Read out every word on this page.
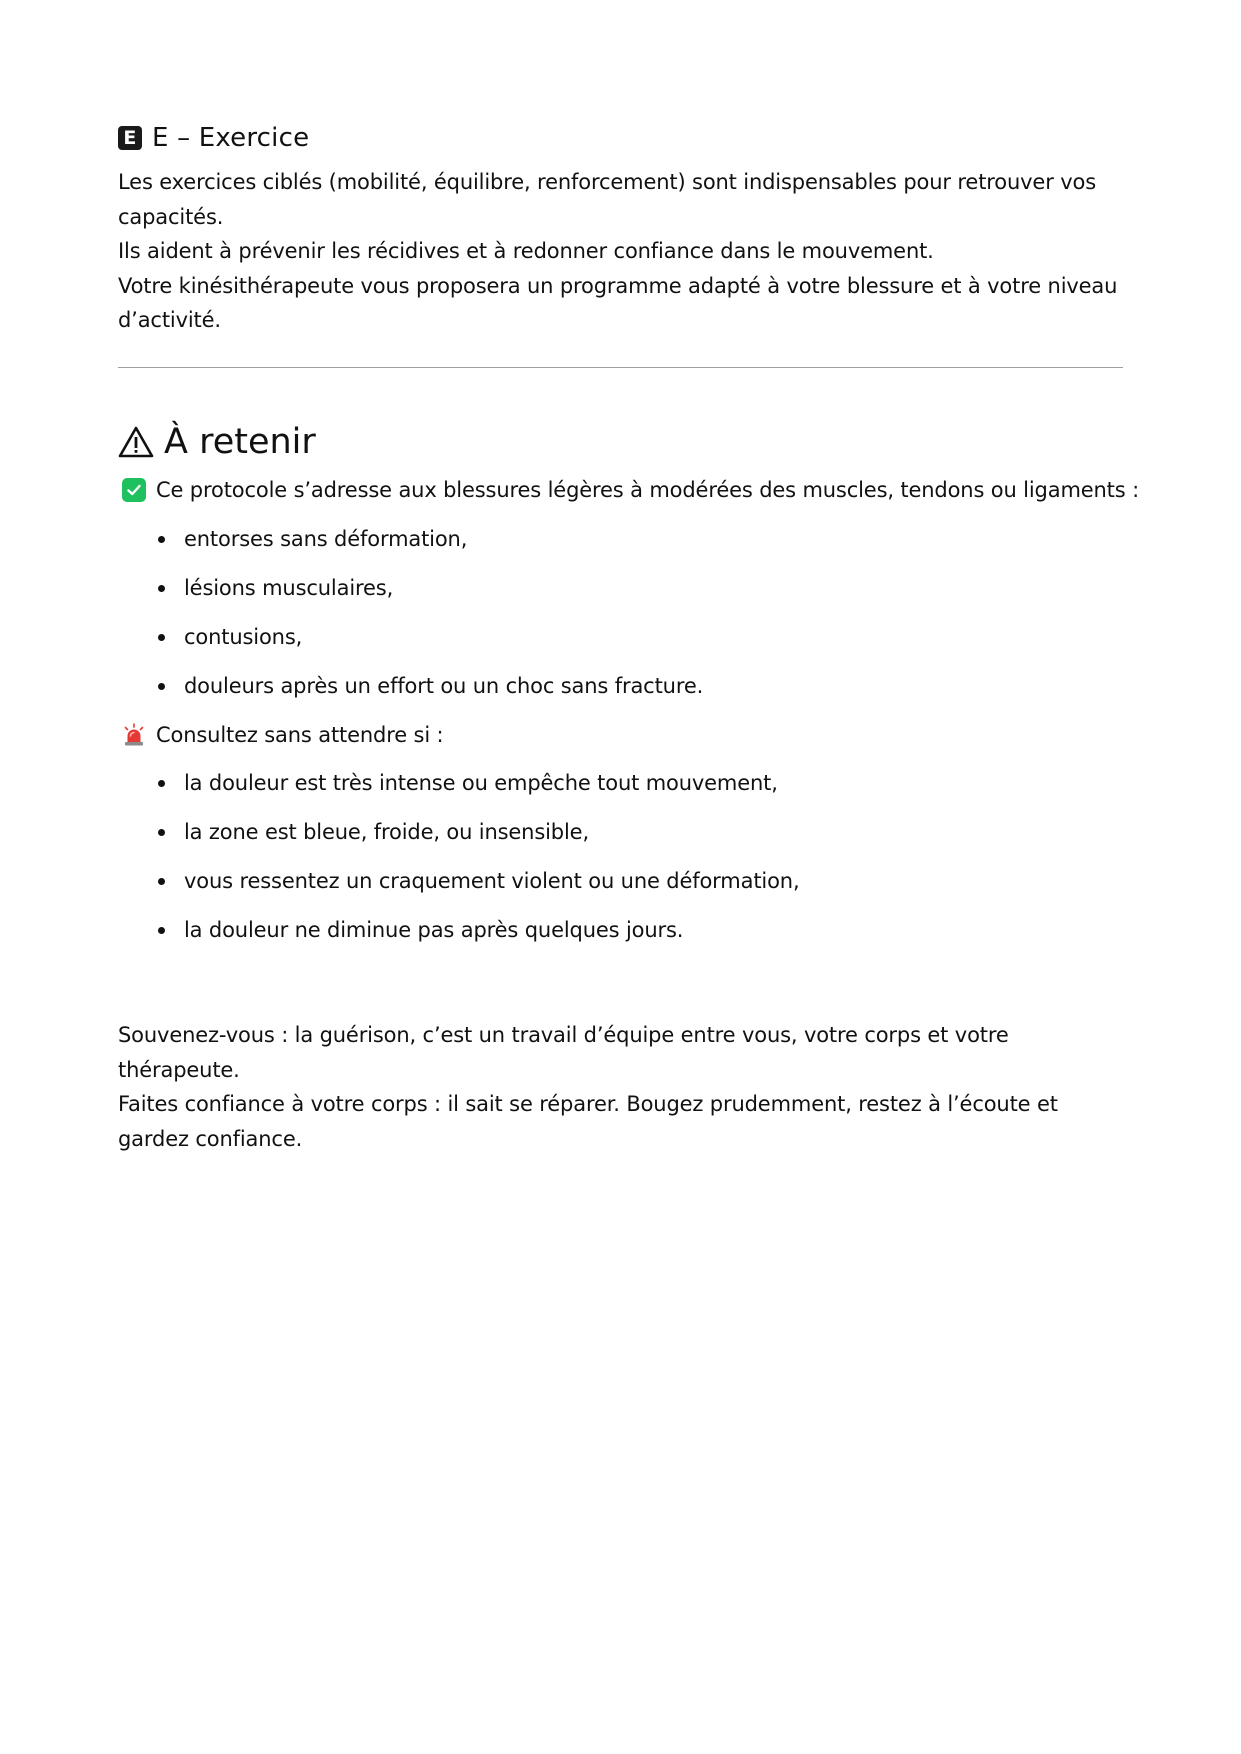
E E – Exercice

Les exercices ciblés (mobilité, équilibre, renforcement) sont indispensables pour retrouver vos capacités.

Ils aident à prévenir les récidives et à redonner confiance dans le mouvement.

Votre kinésithérapeute vous proposera un programme adapté à votre blessure et à votre niveau d’activité.

À retenir
Ce protocole s’adresse aux blessures légères à modérées des muscles, tendons ou ligaments :
entorses sans déformation,
lésions musculaires,
contusions,
douleurs après un effort ou un choc sans fracture.
Consultez sans attendre si :
la douleur est très intense ou empêche tout mouvement,
la zone est bleue, froide, ou insensible,
vous ressentez un craquement violent ou une déformation,
la douleur ne diminue pas après quelques jours.

Souvenez-vous : la guérison, c’est un travail d’équipe entre vous, votre corps et votre thérapeute.

Faites confiance à votre corps : il sait se réparer. Bougez prudemment, restez à l’écoute et gardez confiance.
